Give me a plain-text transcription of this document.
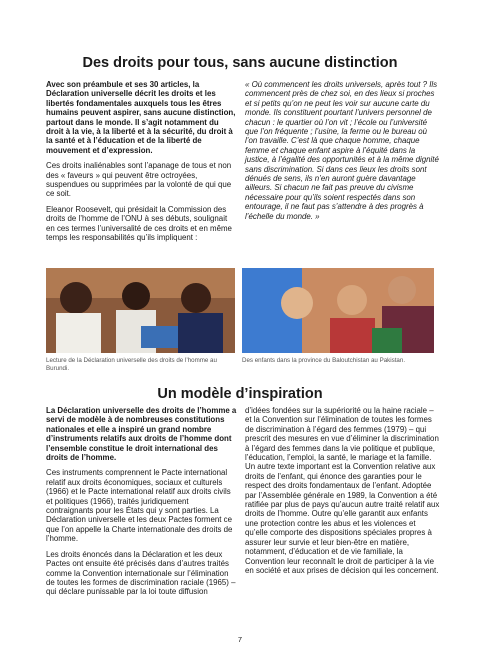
Des droits pour tous, sans aucune distinction

Avec son préambule et ses 30 articles, la Déclaration universelle décrit les droits et les libertés fondamentales auxquels tous les êtres humains peuvent aspirer, sans aucune distinction, partout dans le monde. Il s’agit notamment du droit à la vie, à la liberté et à la sécurité, du droit à la santé et à l’éducation et de la liberté de mouvement et d’expression.

Ces droits inaliénables sont l’apanage de tous et non des « faveurs » qui peuvent être octroyées, suspendues ou supprimées par la volonté de qui que ce soit.

Eleanor Roosevelt, qui présidait la Commission des droits de l’homme de l’ONU à ses débuts, soulignait en ces termes l’universalité de ces droits et en même temps les responsabilités qu’ils impliquent :

« Où commencent les droits universels, après tout ? Ils commencent près de chez soi, en des lieux si proches et si petits qu’on ne peut les voir sur aucune carte du monde. Ils constituent pourtant l’univers personnel de chacun : le quartier où l’on vit ; l’école ou l’université que l’on fréquente ; l’usine, la ferme ou le bureau où l’on travaille. C’est là que chaque homme, chaque femme et chaque enfant aspire à l’équité dans la justice, à l’égalité des opportunités et à la même dignité sans discrimination. Si dans ces lieux les droits sont dénués de sens, ils n’en auront guère davantage ailleurs. Si chacun ne fait pas preuve du civisme nécessaire pour qu’ils soient respectés dans son entourage, il ne faut pas s’attendre à des progrès à l’échelle du monde. »

Lecture de la Déclaration universelle des droits de l’homme au Burundi.
Des enfants dans la province du Baloutchistan au Pakistan.
Un modèle d’inspiration

La Déclaration universelle des droits de l’homme a servi de modèle à de nombreuses constitutions nationales et elle a inspiré un grand nombre d’instruments relatifs aux droits de l’homme dont l’ensemble constitue le droit international des droits de l’homme.

Ces instruments comprennent le Pacte international relatif aux droits économiques, sociaux et culturels (1966) et le Pacte international relatif aux droits civils et politiques (1966), traités juridiquement contraignants pour les États qui y sont parties. La Déclaration universelle et les deux Pactes forment ce que l’on appelle la Charte internationale des droits de l’homme.

Les droits énoncés dans la Déclaration et les deux Pactes ont ensuite été précisés dans d’autres traités comme la Convention internationale sur l’élimination de toutes les formes de discrimination raciale (1965) – qui déclare punissable par la loi toute diffusion

d’idées fondées sur la supériorité ou la haine raciale – et la Convention sur l’élimination de toutes les formes de discrimination à l’égard des femmes (1979) – qui prescrit des mesures en vue d’éliminer la discrimination à l’égard des femmes dans la vie politique et publique, l’éducation, l’emploi, la santé, le mariage et la famille. Un autre texte important est la Convention relative aux droits de l’enfant, qui énonce des garanties pour le respect des droits fondamentaux de l’enfant. Adoptée par l’Assemblée générale en 1989, la Convention a été ratifiée par plus de pays qu’aucun autre traité relatif aux droits de l’homme. Outre qu’elle garantit aux enfants une protection contre les abus et les violences et qu’elle comporte des dispositions spéciales propres à assurer leur survie et leur bien-être en matière, notamment, d’éducation et de vie familiale, la Convention leur reconnaît le droit de participer à la vie en société et aux prises de décision qui les concernent.

7
